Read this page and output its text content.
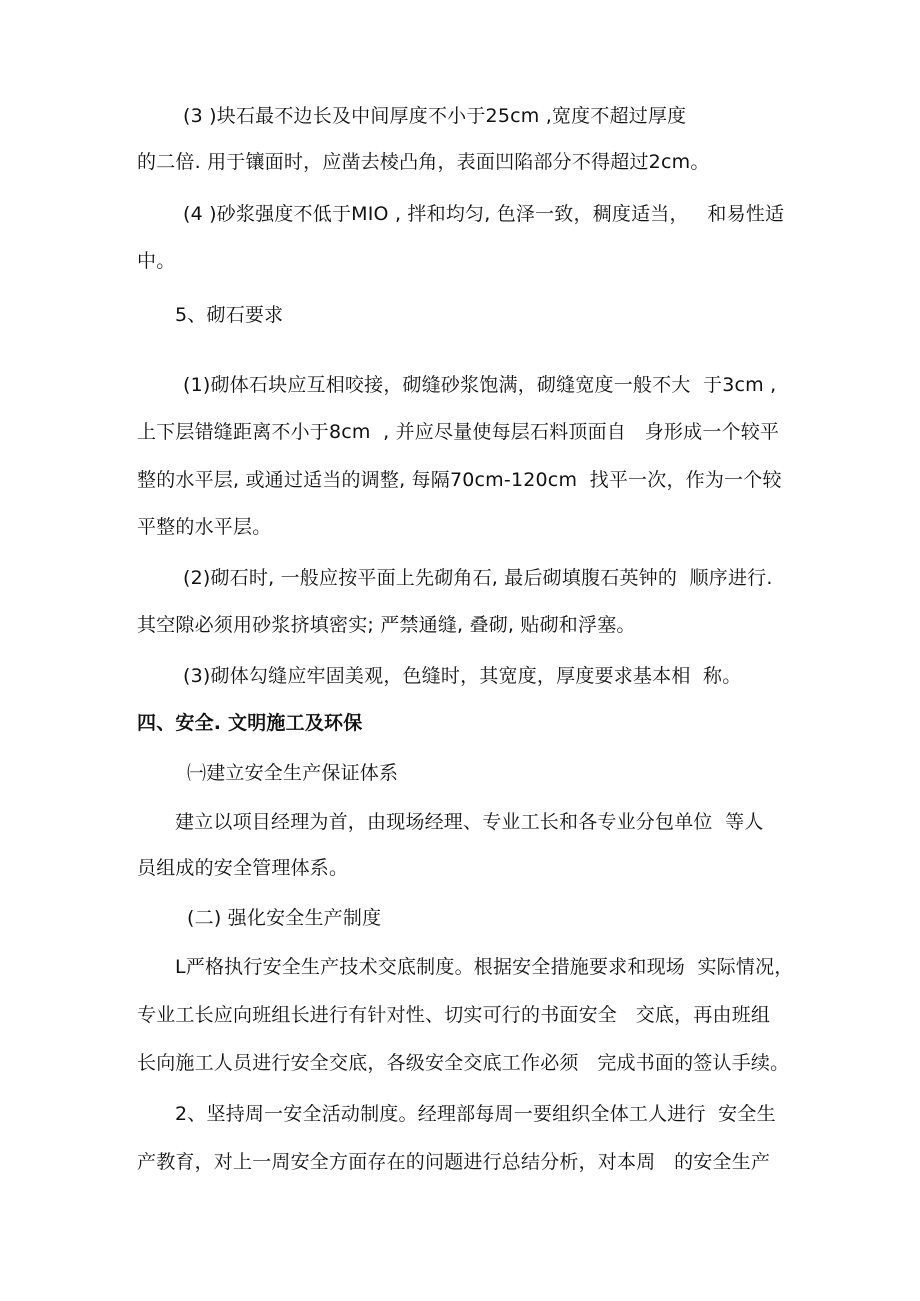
(3 )块石最不边长及中间厚度不小于25cm ,宽度不超过厚度
的二倍. 用于镶面时，应凿去棱凸角，表面凹陷部分不得超过2cm。
(4 )砂浆强度不低于MIO , 拌和均匀, 色泽一致，稠度适当，   和易性适
中。
5、砌石要求
(1)砌体石块应互相咬接，砌缝砂浆饱满，砌缝宽度一般不大  于3cm ,
上下层错缝距离不小于8cm  , 并应尽量使每层石料顶面自   身形成一个较平
整的水平层, 或通过适当的调整, 每隔70cm-120cm  找平一次，作为一个较
平整的水平层。
(2)砌石时, 一般应按平面上先砌角石, 最后砌填腹石英钟的  顺序进行.
其空隙必须用砂浆挤填密实; 严禁通缝, 叠砌, 贴砌和浮塞。
(3)砌体勾缝应牢固美观，色缝时，其宽度，厚度要求基本相  称。
四、安全. 文明施工及环保
㈠建立安全生产保证体系
建立以项目经理为首，由现场经理、专业工长和各专业分包单位  等人
员组成的安全管理体系。
(二) 强化安全生产制度
L严格执行安全生产技术交底制度。根据安全措施要求和现场  实际情况，
专业工长应向班组长进行有针对性、切实可行的书面安全   交底，再由班组
长向施工人员进行安全交底，各级安全交底工作必须   完成书面的签认手续。
2、坚持周一安全活动制度。经理部每周一要组织全体工人进行  安全生
产教育，对上一周安全方面存在的问题进行总结分析，对本周   的安全生产
